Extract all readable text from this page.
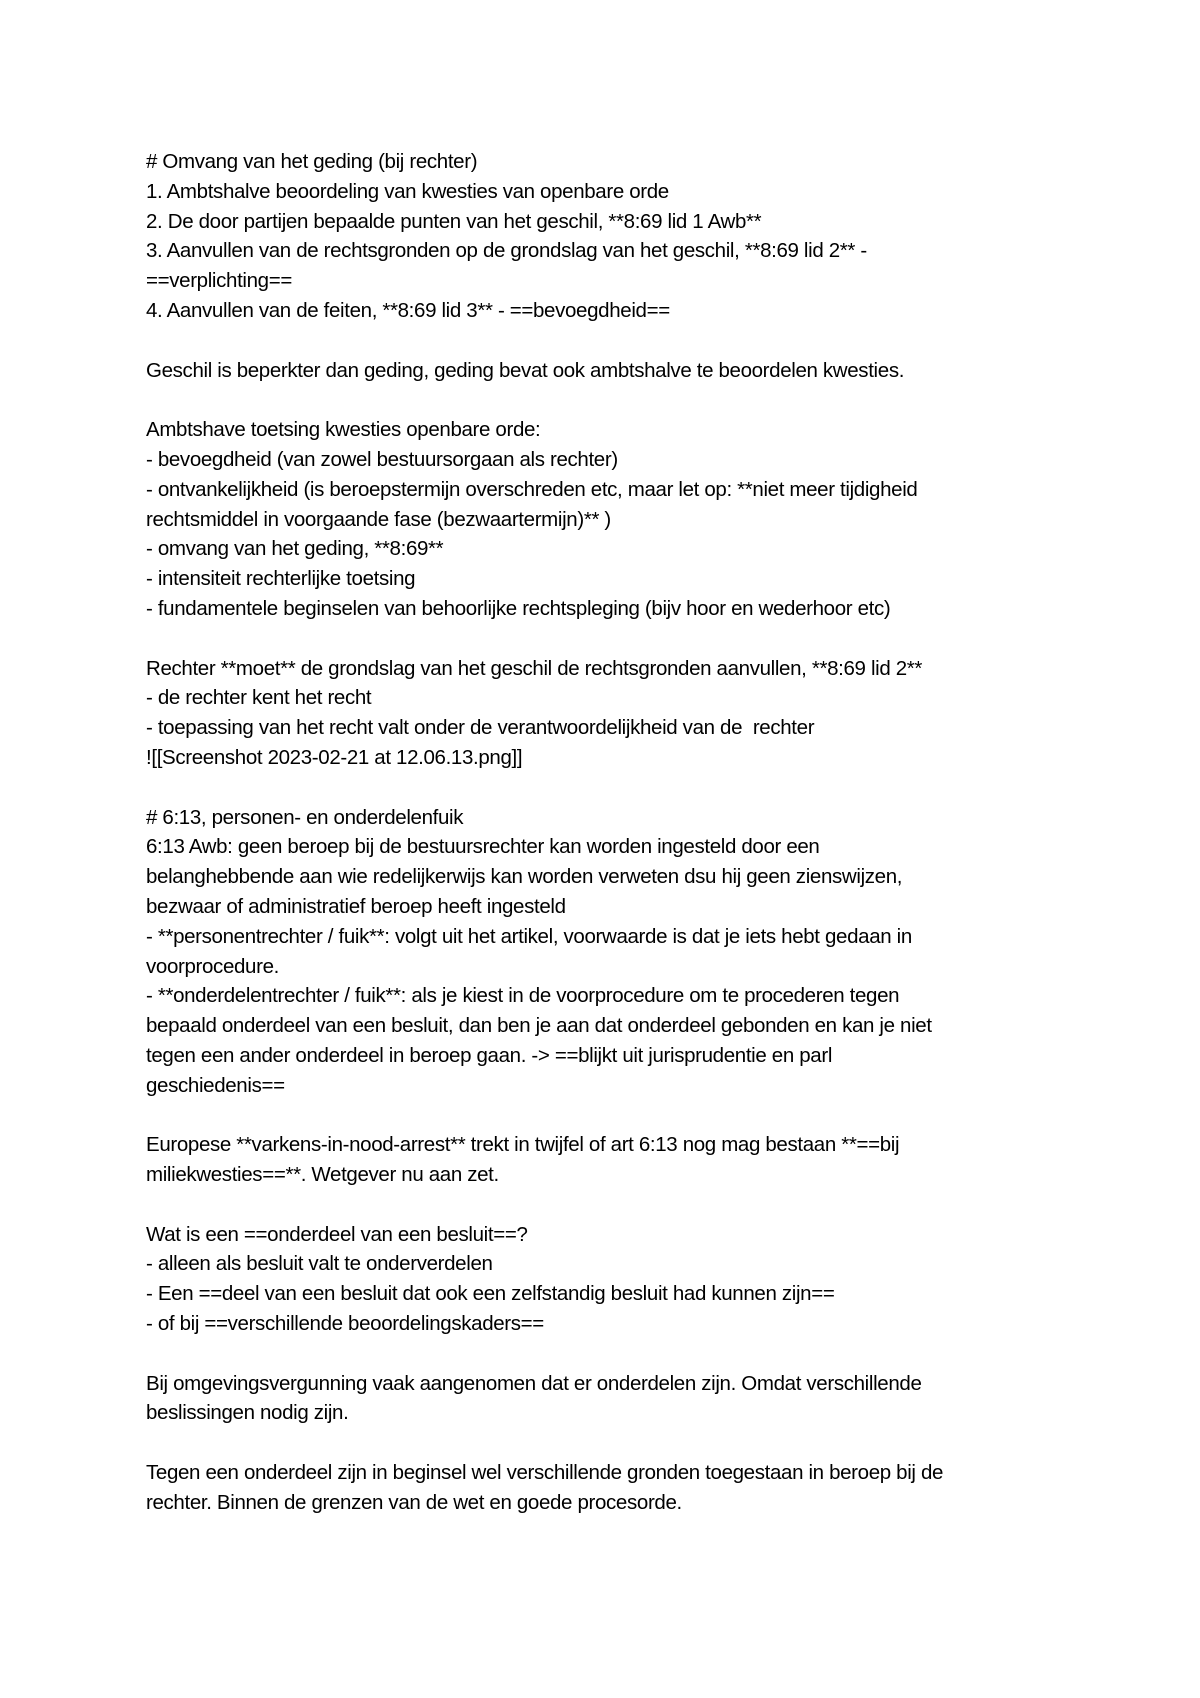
# Omvang van het geding (bij rechter)
1. Ambtshalve beoordeling van kwesties van openbare orde
2. De door partijen bepaalde punten van het geschil, **8:69 lid 1 Awb**
3. Aanvullen van de rechtsgronden op de grondslag van het geschil, **8:69 lid 2** -
==verplichting==
4. Aanvullen van de feiten, **8:69 lid 3** - ==bevoegdheid==
Geschil is beperkter dan geding, geding bevat ook ambtshalve te beoordelen kwesties.
Ambtshave toetsing kwesties openbare orde:
- bevoegdheid (van zowel bestuursorgaan als rechter)
- ontvankelijkheid (is beroepstermijn overschreden etc, maar let op: **niet meer tijdigheid
rechtsmiddel in voorgaande fase (bezwaartermijn)** )
- omvang van het geding, **8:69**
- intensiteit rechterlijke toetsing
- fundamentele beginselen van behoorlijke rechtspleging (bijv hoor en wederhoor etc)
Rechter **moet** de grondslag van het geschil de rechtsgronden aanvullen, **8:69 lid 2**
- de rechter kent het recht
- toepassing van het recht valt onder de verantwoordelijkheid van de  rechter
![[Screenshot 2023-02-21 at 12.06.13.png]]
# 6:13, personen- en onderdelenfuik
6:13 Awb: geen beroep bij de bestuursrechter kan worden ingesteld door een
belanghebbende aan wie redelijkerwijs kan worden verweten dsu hij geen zienswijzen,
bezwaar of administratief beroep heeft ingesteld
- **personentrechter / fuik**: volgt uit het artikel, voorwaarde is dat je iets hebt gedaan in
voorprocedure.
- **onderdelentrechter / fuik**: als je kiest in de voorprocedure om te procederen tegen
bepaald onderdeel van een besluit, dan ben je aan dat onderdeel gebonden en kan je niet
tegen een ander onderdeel in beroep gaan. -> ==blijkt uit jurisprudentie en parl
geschiedenis==
Europese **varkens-in-nood-arrest** trekt in twijfel of art 6:13 nog mag bestaan **==bij
miliekwesties==**. Wetgever nu aan zet.
Wat is een ==onderdeel van een besluit==?
- alleen als besluit valt te onderverdelen
- Een ==deel van een besluit dat ook een zelfstandig besluit had kunnen zijn==
- of bij ==verschillende beoordelingskaders==
Bij omgevingsvergunning vaak aangenomen dat er onderdelen zijn. Omdat verschillende
beslissingen nodig zijn.
Tegen een onderdeel zijn in beginsel wel verschillende gronden toegestaan in beroep bij de
rechter. Binnen de grenzen van de wet en goede procesorde.
